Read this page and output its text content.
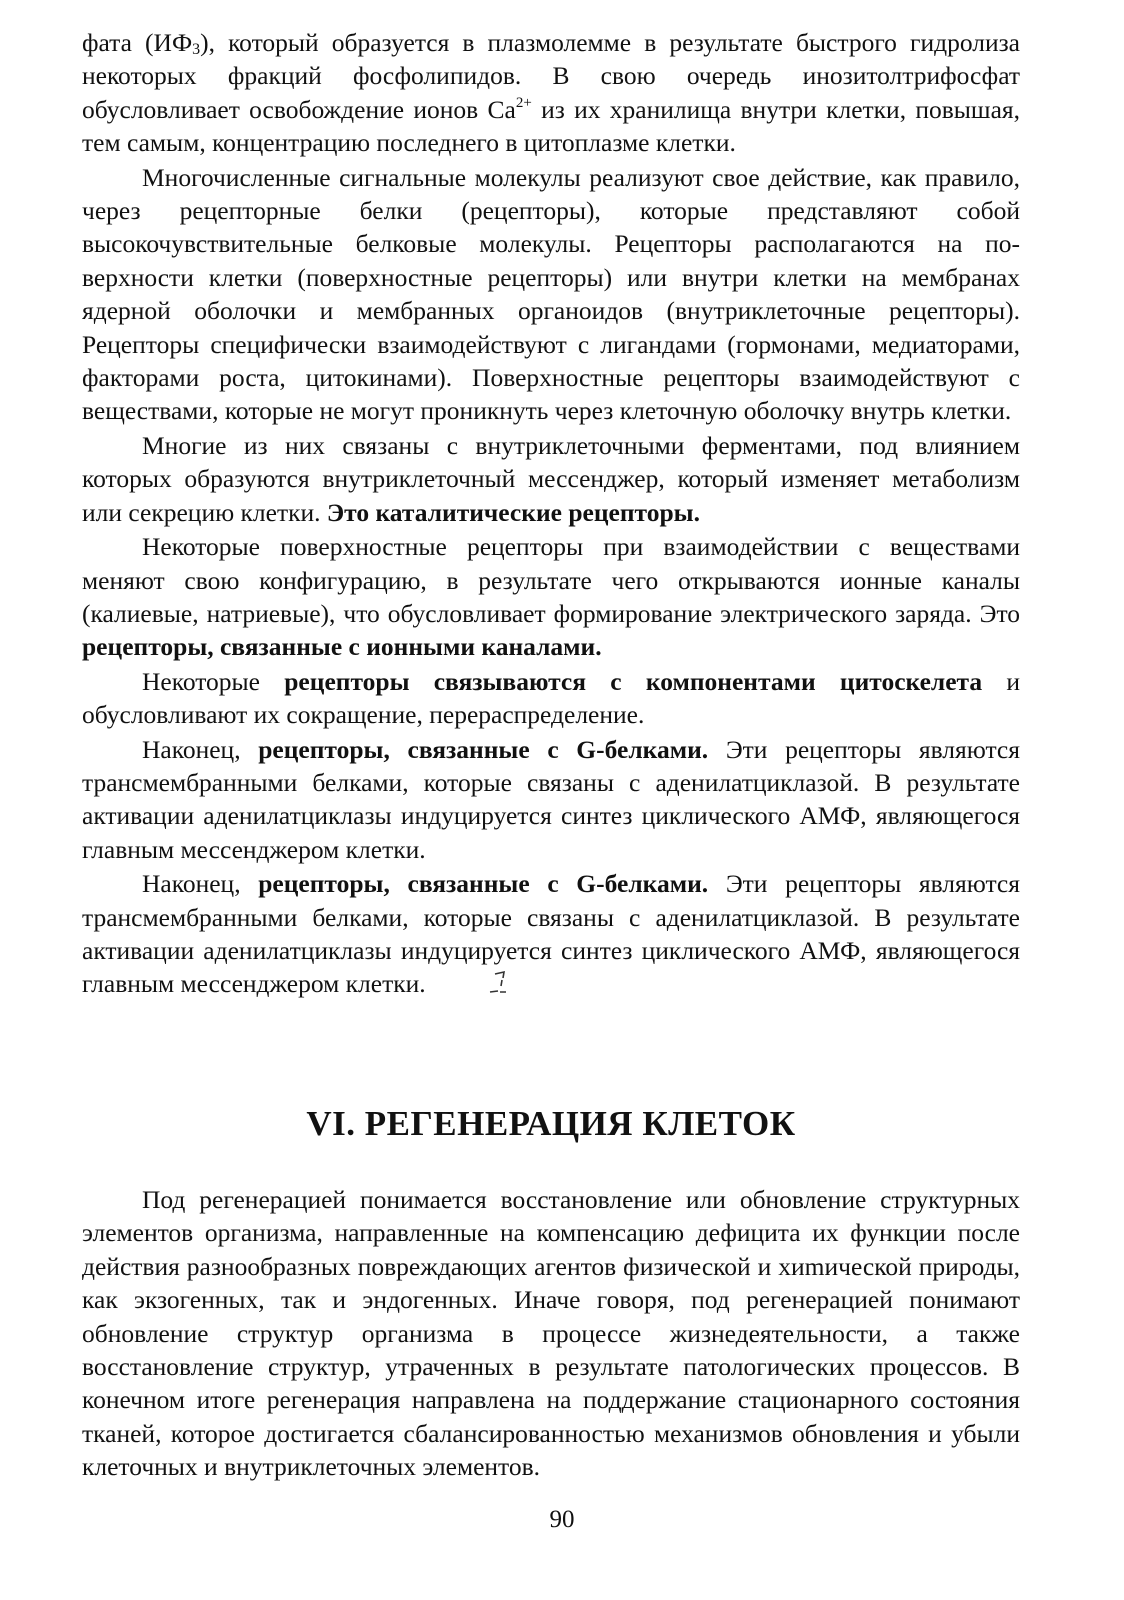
фата $(ИФ_3)$, который образуется в плазмолемме в результате быстрого гидролиза некоторых фракций фосфолипидов. В свою очередь инозитолтрифосфат обусловливает освобождение ионов $Ca^{2+}$ из их хранилища внутри клетки, повышая, тем самым, концентрацию последнего в цитоплазме клетки.

Многочисленные сигнальные молекулы реализуют свое действие, как правило, через рецепторные белки (рецепторы), которые представляют собой высокочувствительные белковые молекулы. Рецепторы располагаются на поверхности клетки (поверхностные рецепторы) или внутри клетки на мембранах ядерной оболочки и мембранных органоидов (внутриклеточные рецепторы). Рецепторы специфически взаимодействуют с лигандами (гормонами, медиаторами, факторами роста, цитокинами). Поверхностные рецепторы взаимодействуют с веществами, которые не могут проникнуть через клеточную оболочку внутрь клетки.

Многие из них связаны с внутриклеточными ферментами, под влиянием которых образуются внутриклеточный мессенджер, который изменяет метаболизм или секрецию клетки. Это каталитические рецепторы.

Некоторые поверхностные рецепторы при взаимодействии с веществами меняют свою конфигурацию, в результате чего открываются ионные каналы (калиевые, натриевые), что обусловливает формирование электрического заряда. Это рецепторы, связанные с ионными каналами.

Некоторые рецепторы связываются с компонентами цитоскелета и обусловливают их сокращение, перераспределение.

Наконец, рецепторы, связанные с G-белками. Эти рецепторы являются трансмембранными белками, которые связаны с аденилатциклазой. В результате активации аденилатциклазы индуцируется синтез циклического АМФ, являющегося главным мессенджером клетки.

Наконец, рецепторы, связанные с G-белками. Эти рецепторы являются трансмембранными белками, которые связаны с аденилатциклазой. В результате активации аденилатциклазы индуцируется синтез циклического АМФ, являющегося главным мессенджером клетки.

VI. РЕГЕНЕРАЦИЯ КЛЕТОК

Под регенерацией понимается восстановление или обновление структурных элементов организма, направленные на компенсацию дефицита их функции после действия разнообразных повреждающих агентов физической и хиmической природы, как экзогенных, так и эндогенных. Иначе говоря, под регенерацией понимают обновление структур организма в процессе жизнедеятельности, а также восстановление структур, утраченных в результате патологических процессов. В конечном итоге регенерация направлена на поддержание стационарного состояния тканей, которое достигается сбалансированностью механизмов обновления и убыли клеточных и внутриклеточных элементов.

90
